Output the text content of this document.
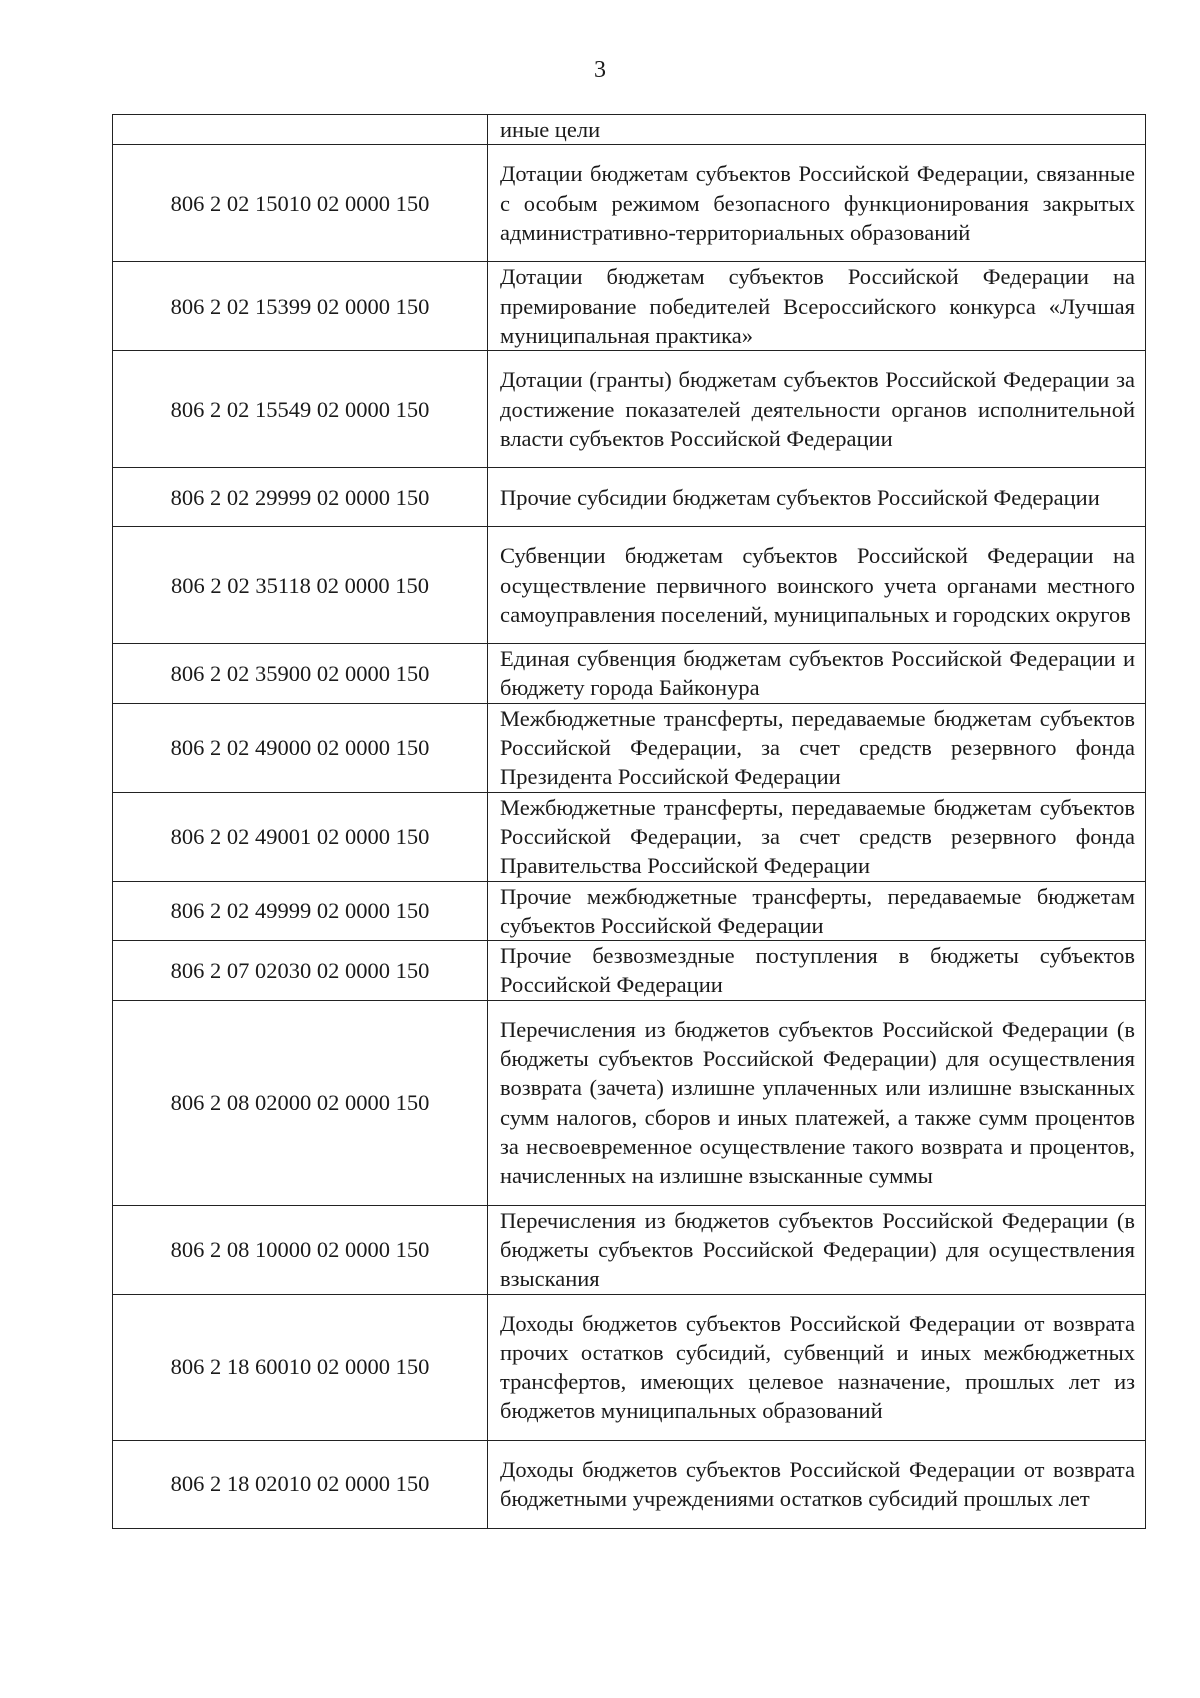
3
	иные цели
806 2 02 15010 02 0000 150	Дотации бюджетам субъектов Российской Федерации, связанные с особым режимом безопасного функционирования закрытых административно-территориальных образований
806 2 02 15399 02 0000 150	Дотации бюджетам субъектов Российской Федерации на премирование победителей Всероссийского конкурса «Лучшая муниципальная практика»
806 2 02 15549 02 0000 150	Дотации (гранты) бюджетам субъектов Российской Федерации за достижение показателей деятельности органов исполнительной власти субъектов Российской Федерации
806 2 02 29999 02 0000 150	Прочие субсидии бюджетам субъектов Российской Федерации
806 2 02 35118 02 0000 150	Субвенции бюджетам субъектов Российской Федерации на осуществление первичного воинского учета органами местного самоуправления поселений, муниципальных и городских округов
806 2 02 35900 02 0000 150	Единая субвенция бюджетам субъектов Российской Федерации и бюджету города Байконура
806 2 02 49000 02 0000 150	Межбюджетные трансферты, передаваемые бюджетам субъектов Российской Федерации, за счет средств резервного фонда Президента Российской Федерации
806 2 02 49001 02 0000 150	Межбюджетные трансферты, передаваемые бюджетам субъектов Российской Федерации, за счет средств резервного фонда Правительства Российской Федерации
806 2 02 49999 02 0000 150	Прочие межбюджетные трансферты, передаваемые бюджетам субъектов Российской Федерации
806 2 07 02030 02 0000 150	Прочие безвозмездные поступления в бюджеты субъектов Российской Федерации
806 2 08 02000 02 0000 150	Перечисления из бюджетов субъектов Российской Федерации (в бюджеты субъектов Российской Федерации) для осуществления возврата (зачета) излишне уплаченных или излишне взысканных сумм налогов, сборов и иных платежей, а также сумм процентов за несвоевременное осуществление такого возврата и процентов, начисленных на излишне взысканные суммы
806 2 08 10000 02 0000 150	Перечисления из бюджетов субъектов Российской Федерации (в бюджеты субъектов Российской Федерации) для осуществления взыскания
806 2 18 60010 02 0000 150	Доходы бюджетов субъектов Российской Федерации от возврата прочих остатков субсидий, субвенций и иных межбюджетных трансфертов, имеющих целевое назначение, прошлых лет из бюджетов муниципальных образований
806 2 18 02010 02 0000 150	Доходы бюджетов субъектов Российской Федерации от возврата бюджетными учреждениями остатков субсидий прошлых лет
